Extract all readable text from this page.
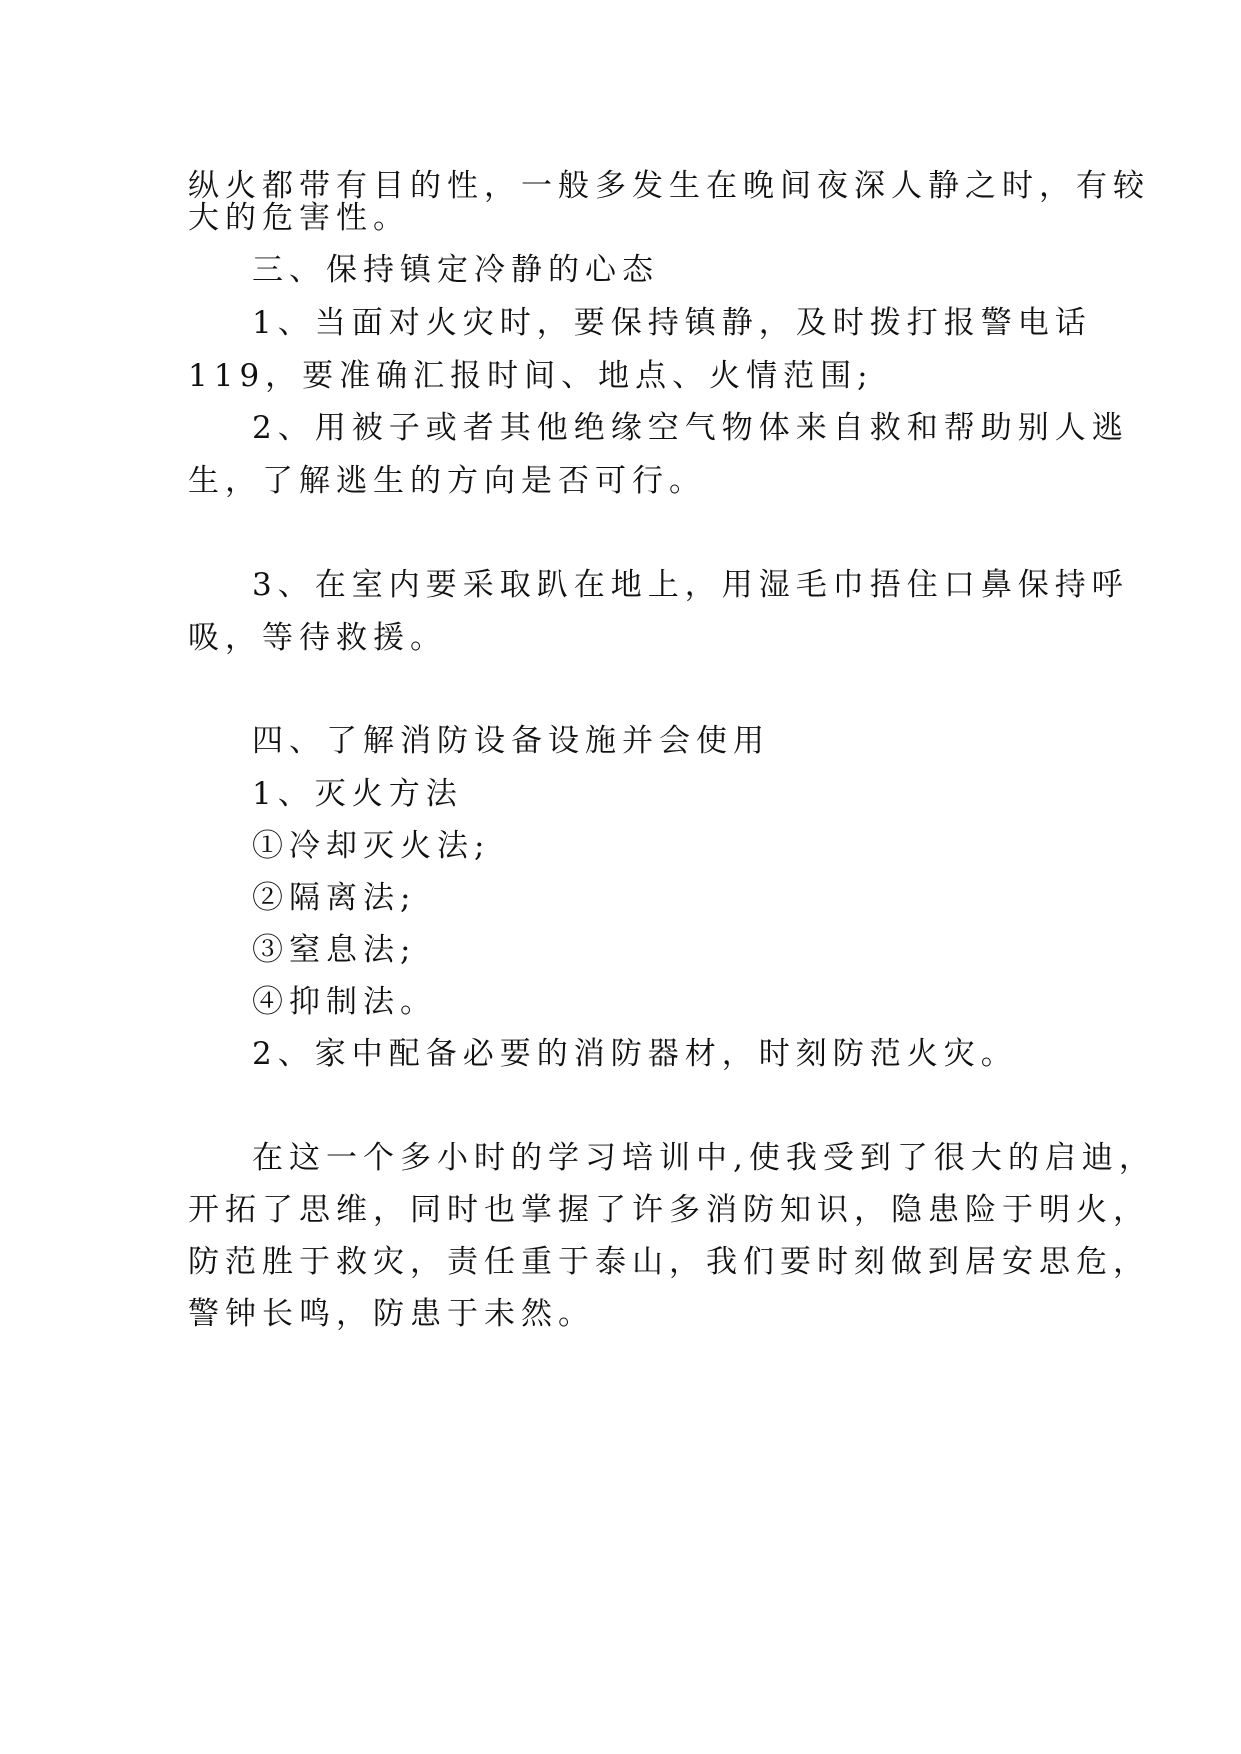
纵火都带有目的性，一般多发生在晚间夜深人静之时，有较
大的危害性。
三、保持镇定冷静的心态
1、当面对火灾时，要保持镇静，及时拨打报警电话
119，要准确汇报时间、地点、火情范围;
2、用被子或者其他绝缘空气物体来自救和帮助别人逃
生，了解逃生的方向是否可行。
3、在室内要采取趴在地上，用湿毛巾捂住口鼻保持呼
吸，等待救援。
四、了解消防设备设施并会使用
1、灭火方法
①冷却灭火法;
②隔离法;
③窒息法;
④抑制法。
2、家中配备必要的消防器材，时刻防范火灾。
在这一个多小时的学习培训中,使我受到了很大的启迪，
开拓了思维，同时也掌握了许多消防知识，隐患险于明火，
防范胜于救灾，责任重于泰山，我们要时刻做到居安思危，
警钟长鸣，防患于未然。
